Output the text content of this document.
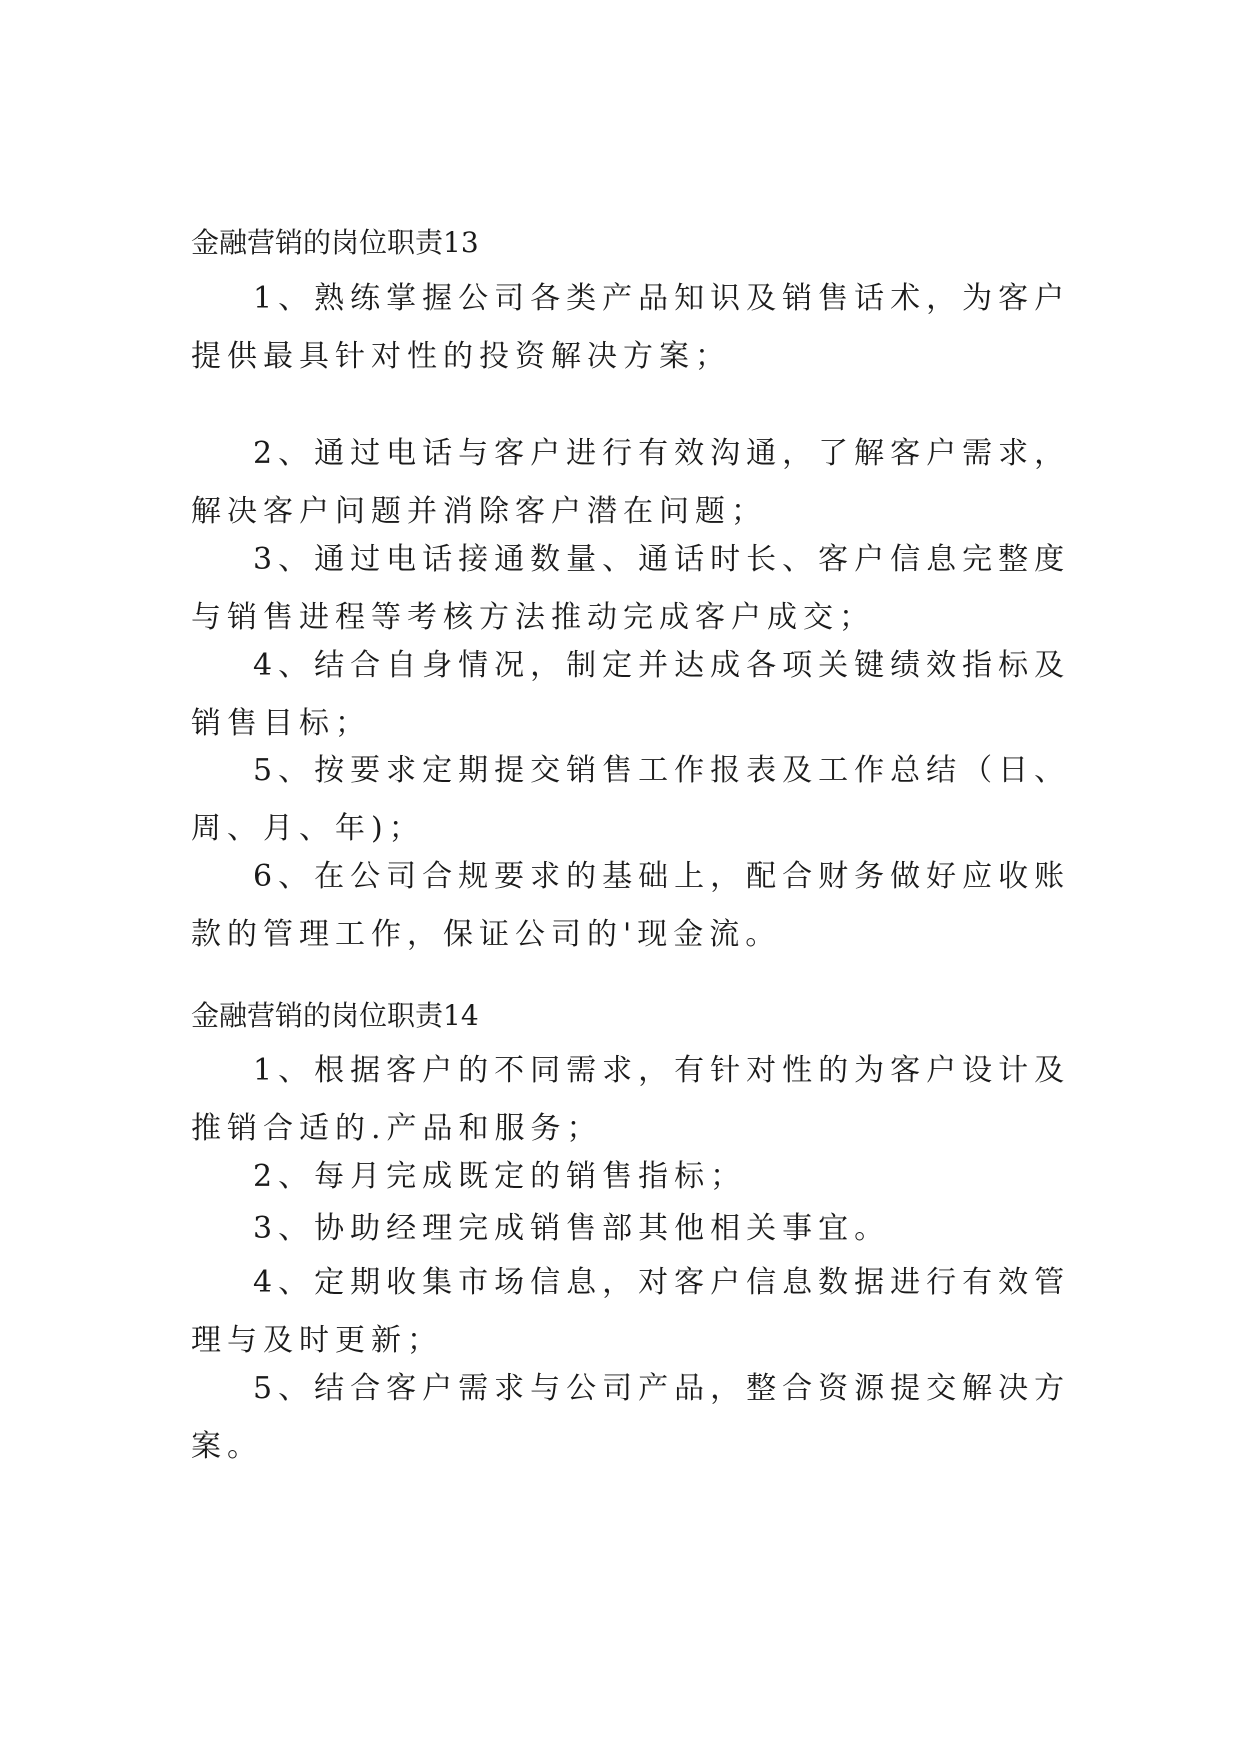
金融营销的岗位职责13

1、熟练掌握公司各类产品知识及销售话术，为客户提供最具针对性的投资解决方案；

2、通过电话与客户进行有效沟通，了解客户需求，解决客户问题并消除客户潜在问题；

3、通过电话接通数量、通话时长、客户信息完整度与销售进程等考核方法推动完成客户成交；

4、结合自身情况，制定并达成各项关键绩效指标及销售目标；

5、按要求定期提交销售工作报表及工作总结（日、周、月、年)；

6、在公司合规要求的基础上，配合财务做好应收账款的管理工作，保证公司的'现金流。

金融营销的岗位职责14

1、根据客户的不同需求，有针对性的为客户设计及推销合适的.产品和服务；

2、每月完成既定的销售指标；

3、协助经理完成销售部其他相关事宜。

4、定期收集市场信息，对客户信息数据进行有效管理与及时更新；

5、结合客户需求与公司产品，整合资源提交解决方案。
